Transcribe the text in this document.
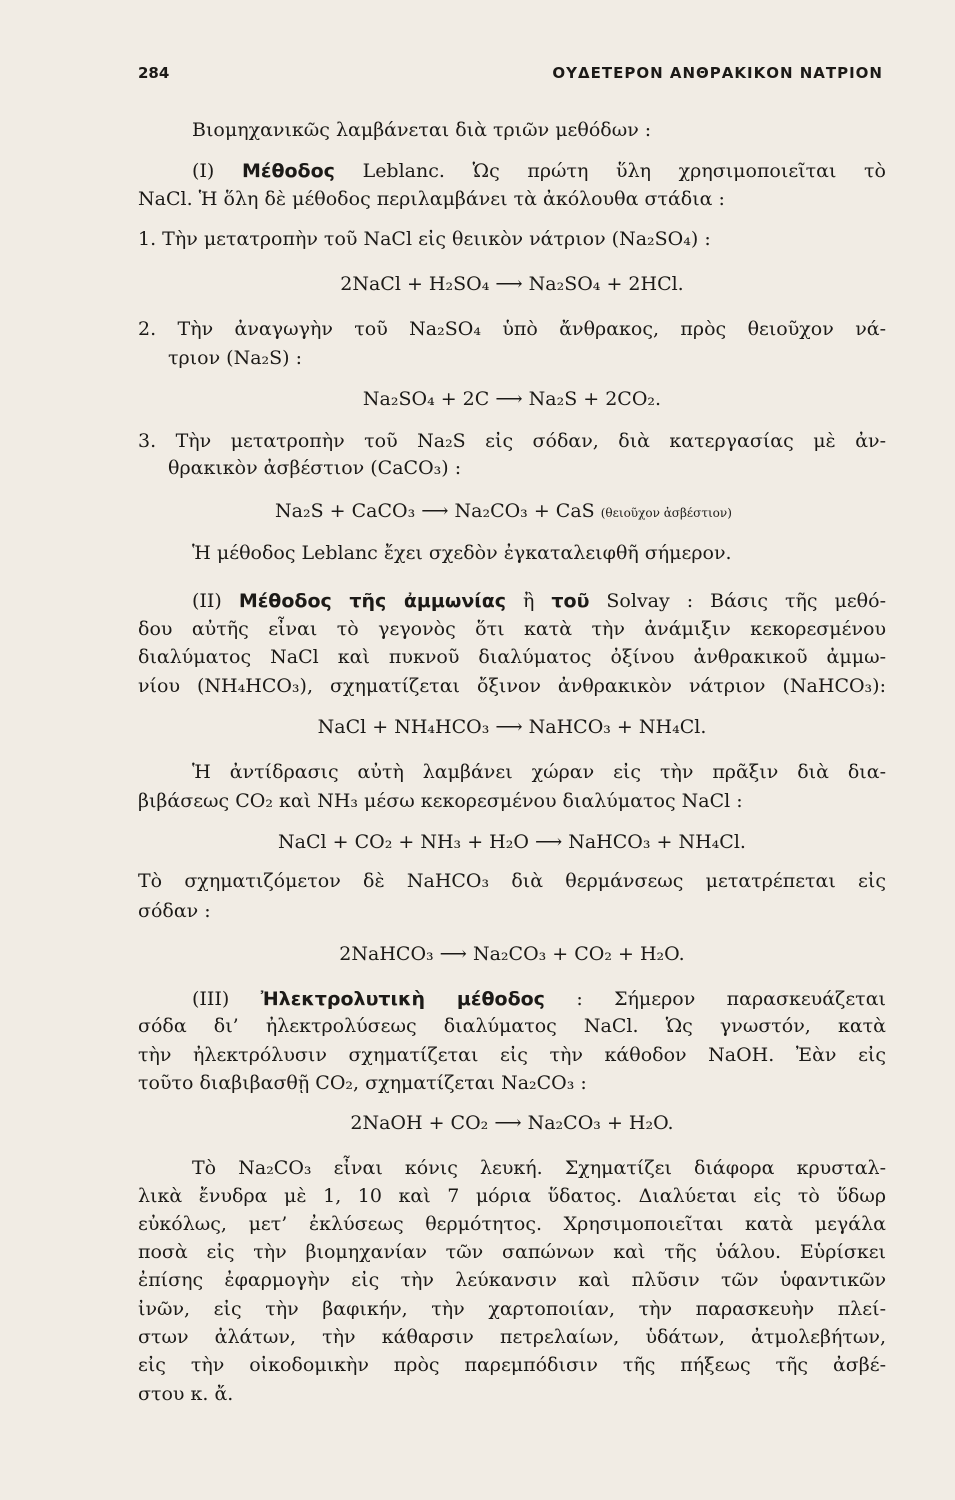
284	ΟΥΔΕΤΕΡΟΝ ΑΝΘΡΑΚΙΚΟΝ ΝΑΤΡΙΟΝ
Βιομηχανικῶς λαμβάνεται διὰ τριῶν μεθόδων :
(Ι) Μέθοδος Leblanc. Ὡς πρώτη ὕλη χρησιμοποιεῖται τὸ
NaCl. Ἡ ὅλη δὲ μέθοδος περιλαμβάνει τὰ ἀκόλουθα στάδια :
1. Τὴν μετατροπὴν τοῦ NaCl εἰς θειικὸν νάτριον (Na₂SO₄) :
2NaCl + H₂SO₄ ⟶ Na₂SO₄ + 2HCl.
2. Τὴν ἀναγωγὴν τοῦ Na₂SO₄ ὑπὸ ἄνθρακος, πρὸς θειοῦχον νά-
τριον (Na₂S) :
Na₂SO₄ + 2C ⟶ Na₂S + 2CO₂.
3. Τὴν μετατροπὴν τοῦ Na₂S εἰς σόδαν, διὰ κατεργασίας μὲ ἀν-
θρακικὸν ἀσβέστιον (CaCO₃) :
Na₂S + CaCO₃ ⟶ Na₂CO₃ + CaS (θειοῦχον ἀσβέστιον)
Ἡ μέθοδος Leblanc ἔχει σχεδὸν ἐγκαταλειφθῆ σήμερον.
(ΙΙ) Μέθοδος τῆς ἀμμωνίας ἢ τοῦ Solvay : Βάσις τῆς μεθό-
δου αὐτῆς εἶναι τὸ γεγονὸς ὅτι κατὰ τὴν ἀνάμιξιν κεκορεσμένου
διαλύματος NaCl καὶ πυκνοῦ διαλύματος ὀξίνου ἀνθρακικοῦ ἀμμω-
νίου (NH₄HCO₃), σχηματίζεται ὄξινον ἀνθρακικὸν νάτριον (NaHCO₃):
NaCl + NH₄HCO₃ ⟶ NaHCO₃ + NH₄Cl.
Ἡ ἀντίδρασις αὐτὴ λαμβάνει χώραν εἰς τὴν πρᾶξιν διὰ δια-
βιβάσεως CO₂ καὶ NH₃ μέσω κεκορεσμένου διαλύματος NaCl :
NaCl + CO₂ + NH₃ + H₂O ⟶ NaHCO₃ + NH₄Cl.
Τὸ σχηματιζόμετον δὲ NaHCO₃ διὰ θερμάνσεως μετατρέπεται εἰς
σόδαν :
2NaHCO₃ ⟶ Na₂CO₃ + CO₂ + H₂O.
(ΙΙΙ) Ἠλεκτρολυτικὴ μέθοδος : Σήμερον παρασκευάζεται
σόδα δι’ ἠλεκτρολύσεως διαλύματος NaCl. Ὡς γνωστόν, κατὰ
τὴν ἠλεκτρόλυσιν σχηματίζεται εἰς τὴν κάθοδον NaOH. Ἐὰν εἰς
τοῦτο διαβιβασθῇ CO₂, σχηματίζεται Na₂CO₃ :
2NaOH + CO₂ ⟶ Na₂CO₃ + H₂O.
Τὸ Na₂CO₃ εἶναι κόνις λευκή. Σχηματίζει διάφορα κρυσταλ-
λικὰ ἔνυδρα μὲ 1, 10 καὶ 7 μόρια ὕδατος. Διαλύεται εἰς τὸ ὕδωρ
εὐκόλως, μετ’ ἐκλύσεως θερμότητος. Χρησιμοποιεῖται κατὰ μεγάλα
ποσὰ εἰς τὴν βιομηχανίαν τῶν σαπώνων καὶ τῆς ὑάλου. Εὑρίσκει
ἐπίσης ἐφαρμογὴν εἰς τὴν λεύκανσιν καὶ πλῦσιν τῶν ὑφαντικῶν
ἰνῶν, εἰς τὴν βαφικήν, τὴν χαρτοποιίαν, τὴν παρασκευὴν πλεί-
στων ἀλάτων, τὴν κάθαρσιν πετρελαίων, ὑδάτων, ἀτμολεβήτων,
εἰς τὴν οἰκοδομικὴν πρὸς παρεμπόδισιν τῆς πήξεως τῆς ἀσβέ-
στου κ. ἄ.
